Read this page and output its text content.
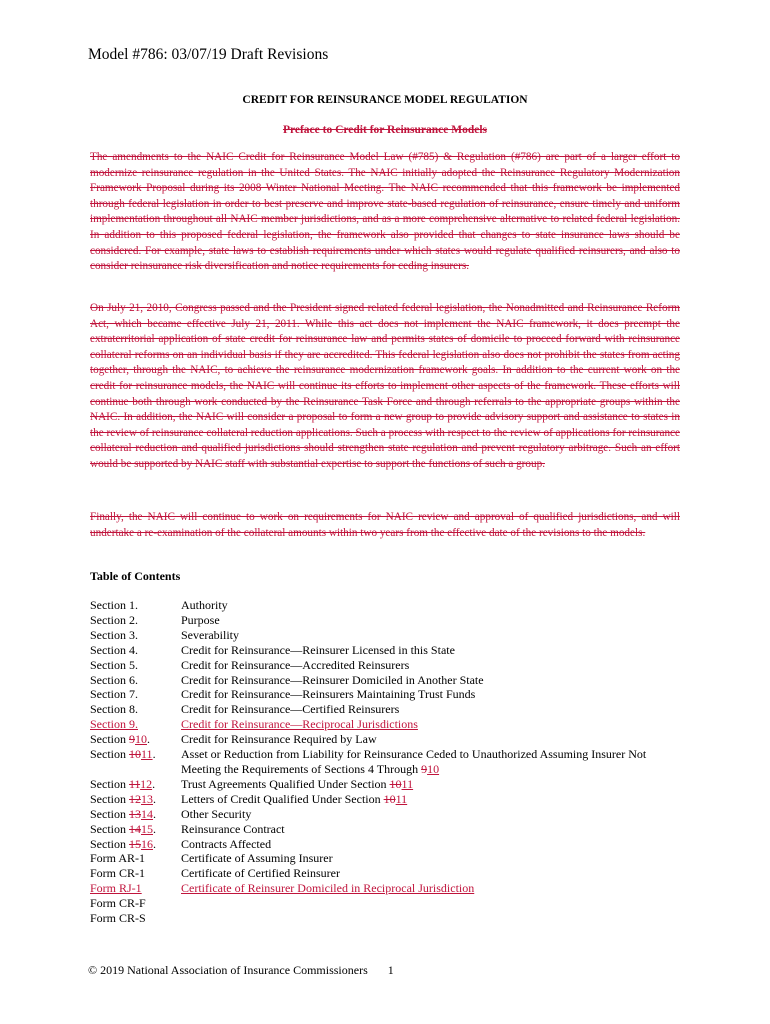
Model #786: 03/07/19 Draft Revisions
CREDIT FOR REINSURANCE MODEL REGULATION
Preface to Credit for Reinsurance Models

The amendments to the NAIC Credit for Reinsurance Model Law (#785) & Regulation (#786) are part of a larger effort to modernize reinsurance regulation in the United States. The NAIC initially adopted the Reinsurance Regulatory Modernization Framework Proposal during its 2008 Winter National Meeting. The NAIC recommended that this framework be implemented through federal legislation in order to best preserve and improve state-based regulation of reinsurance, ensure timely and uniform implementation throughout all NAIC member jurisdictions, and as a more comprehensive alternative to related federal legislation. In addition to this proposed federal legislation, the framework also provided that changes to state insurance laws should be considered. For example, state laws to establish requirements under which states would regulate qualified reinsurers, and also to consider reinsurance risk diversification and notice requirements for ceding insurers.

On July 21, 2010, Congress passed and the President signed related federal legislation, the Nonadmitted and Reinsurance Reform Act, which became effective July 21, 2011. While this act does not implement the NAIC framework, it does preempt the extraterritorial application of state credit for reinsurance law and permits states of domicile to proceed forward with reinsurance collateral reforms on an individual basis if they are accredited. This federal legislation also does not prohibit the states from acting together, through the NAIC, to achieve the reinsurance modernization framework goals. In addition to the current work on the credit for reinsurance models, the NAIC will continue its efforts to implement other aspects of the framework. These efforts will continue both through work conducted by the Reinsurance Task Force and through referrals to the appropriate groups within the NAIC. In addition, the NAIC will consider a proposal to form a new group to provide advisory support and assistance to states in the review of reinsurance collateral reduction applications. Such a process with respect to the review of applications for reinsurance collateral reduction and qualified jurisdictions should strengthen state regulation and prevent regulatory arbitrage. Such an effort would be supported by NAIC staff with substantial expertise to support the functions of such a group.

Finally, the NAIC will continue to work on requirements for NAIC review and approval of qualified jurisdictions, and will undertake a re-examination of the collateral amounts within two years from the effective date of the revisions to the models.

Table of Contents
Section 1.	Authority
Section 2.	Purpose
Section 3.	Severability
Section 4.	Credit for Reinsurance—Reinsurer Licensed in this State
Section 5.	Credit for Reinsurance—Accredited Reinsurers
Section 6.	Credit for Reinsurance—Reinsurer Domiciled in Another State
Section 7.	Credit for Reinsurance—Reinsurers Maintaining Trust Funds
Section 8.	Credit for Reinsurance—Certified Reinsurers
Section 9.	Credit for Reinsurance—Reciprocal Jurisdictions
Section 910.	Credit for Reinsurance Required by Law
Section 1011.	Asset or Reduction from Liability for Reinsurance Ceded to Unauthorized Assuming Insurer Not Meeting the Requirements of Sections 4 Through 910
Section 1112.	Trust Agreements Qualified Under Section 1011
Section 1213.	Letters of Credit Qualified Under Section 1011
Section 1314.	Other Security
Section 1415.	Reinsurance Contract
Section 1516.	Contracts Affected
Form AR-1	Certificate of Assuming Insurer
Form CR-1	Certificate of Certified Reinsurer
Form RJ-1	Certificate of Reinsurer Domiciled in Reciprocal Jurisdiction
Form CR-F
Form CR-S
© 2019 National Association of Insurance Commissioners 1
